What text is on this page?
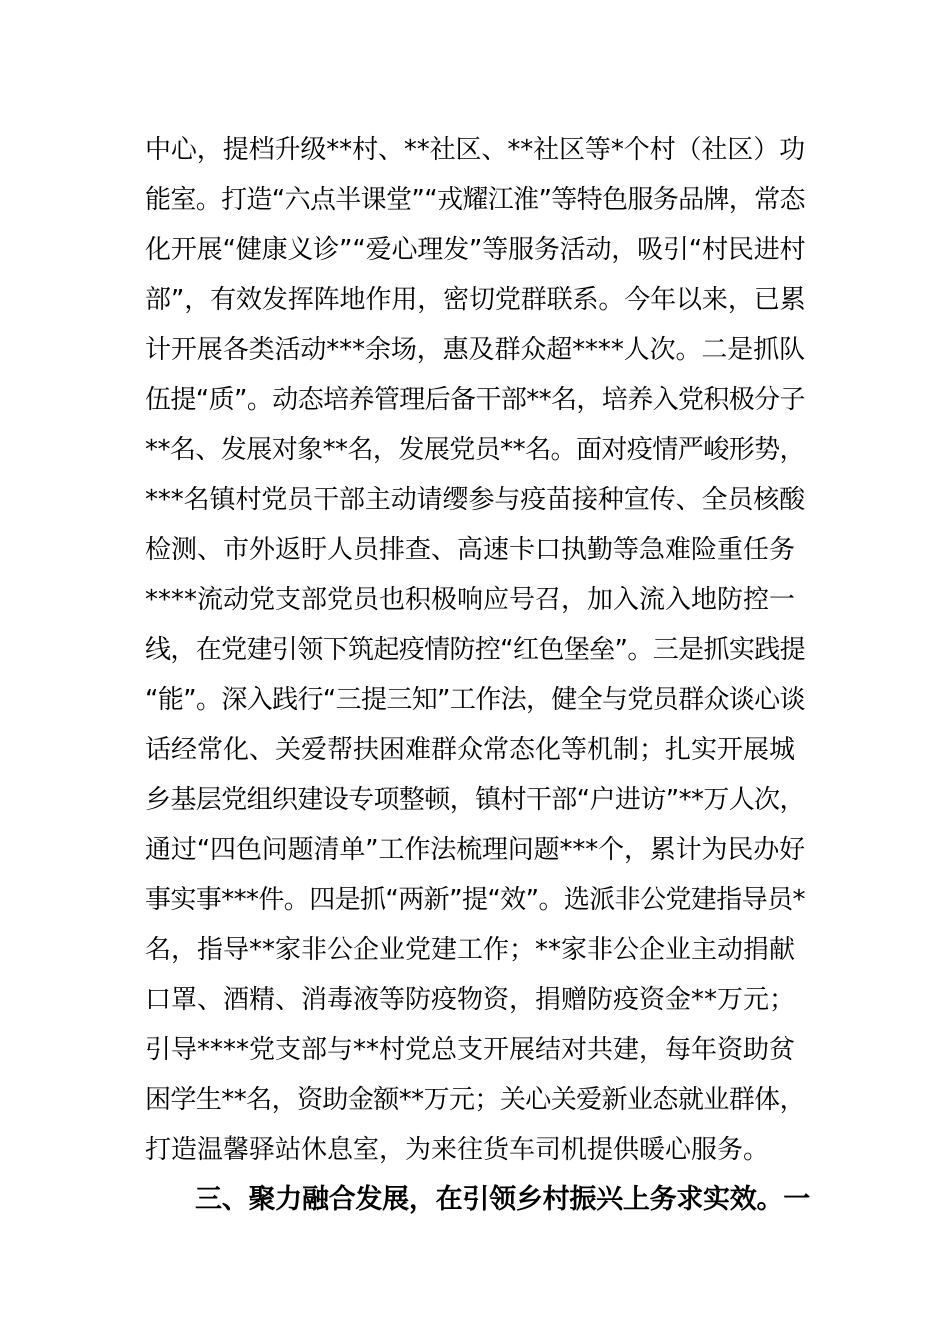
中心，提档升级**村、**社区、**社区等*个村（社区）功
能室。打造“六点半课堂”“戎耀江淮”等特色服务品牌，常态
化开展“健康义诊”“爱心理发”等服务活动，吸引“村民进村
部”，有效发挥阵地作用，密切党群联系。今年以来，已累
计开展各类活动***余场，惠及群众超****人次。二是抓队
伍提“质”。动态培养管理后备干部**名，培养入党积极分子
**名、发展对象**名，发展党员**名。面对疫情严峻形势，
***名镇村党员干部主动请缨参与疫苗接种宣传、全员核酸
检测、市外返盱人员排查、高速卡口执勤等急难险重任务
****流动党支部党员也积极响应号召，加入流入地防控一
线，在党建引领下筑起疫情防控“红色堡垒”。三是抓实践提
“能”。深入践行“三提三知”工作法，健全与党员群众谈心谈
话经常化、关爱帮扶困难群众常态化等机制；扎实开展城
乡基层党组织建设专项整顿，镇村干部“户进访”**万人次，
通过“四色问题清单”工作法梳理问题***个，累计为民办好
事实事***件。四是抓“两新”提“效”。选派非公党建指导员*
名，指导**家非公企业党建工作；**家非公企业主动捐献
口罩、酒精、消毒液等防疫物资，捐赠防疫资金**万元；
引导****党支部与**村党总支开展结对共建，每年资助贫
困学生**名，资助金额**万元；关心关爱新业态就业群体，
打造温馨驿站休息室，为来往货车司机提供暖心服务。
三、聚力融合发展，在引领乡村振兴上务求实效。一
